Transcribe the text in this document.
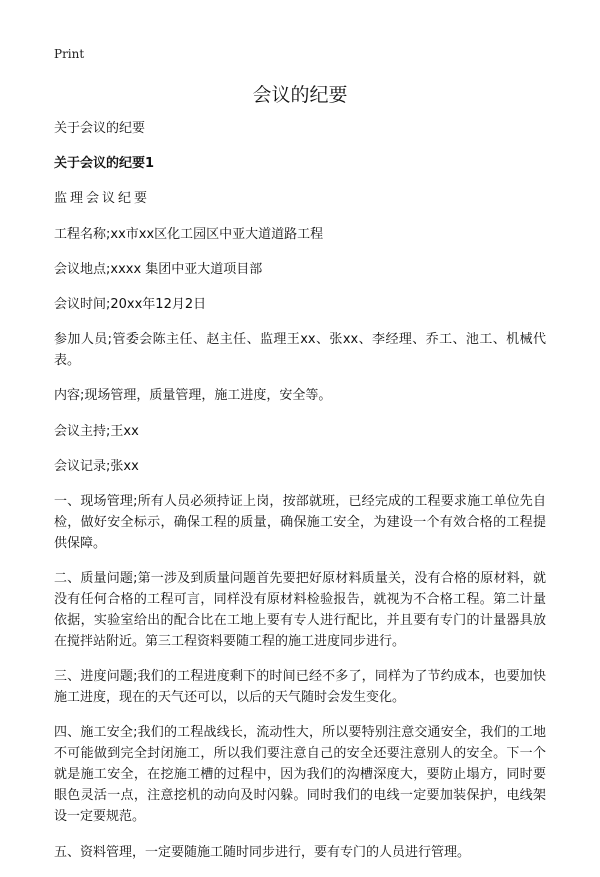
Print
会议的纪要

关于会议的纪要

关于会议的纪要1

监理会议纪要

工程名称;xx市xx区化工园区中亚大道道路工程

会议地点;xxxx 集团中亚大道项目部

会议时间;20xx年12月2日

参加人员;管委会陈主任、赵主任、监理王xx、张xx、李经理、乔工、池工、机械代表。

内容;现场管理，质量管理，施工进度，安全等。

会议主持;王xx

会议记录;张xx

一、现场管理;所有人员必须持证上岗，按部就班，已经完成的工程要求施工单位先自检，做好安全标示，确保工程的质量，确保施工安全，为建设一个有效合格的工程提供保障。

二、质量问题;第一涉及到质量问题首先要把好原材料质量关，没有合格的原材料，就没有任何合格的工程可言，同样没有原材料检验报告，就视为不合格工程。第二计量依据，实验室给出的配合比在工地上要有专人进行配比，并且要有专门的计量器具放在搅拌站附近。第三工程资料要随工程的施工进度同步进行。

三、进度问题;我们的工程进度剩下的时间已经不多了，同样为了节约成本，也要加快施工进度，现在的天气还可以，以后的天气随时会发生变化。

四、施工安全;我们的工程战线长，流动性大，所以要特别注意交通安全，我们的工地不可能做到完全封闭施工，所以我们要注意自己的安全还要注意别人的安全。下一个就是施工安全，在挖施工槽的过程中，因为我们的沟槽深度大，要防止塌方，同时要眼色灵活一点，注意挖机的动向及时闪躲。同时我们的电线一定要加装保护，电线架设一定要规范。

五、资料管理，一定要随施工随时同步进行，要有专门的人员进行管理。
